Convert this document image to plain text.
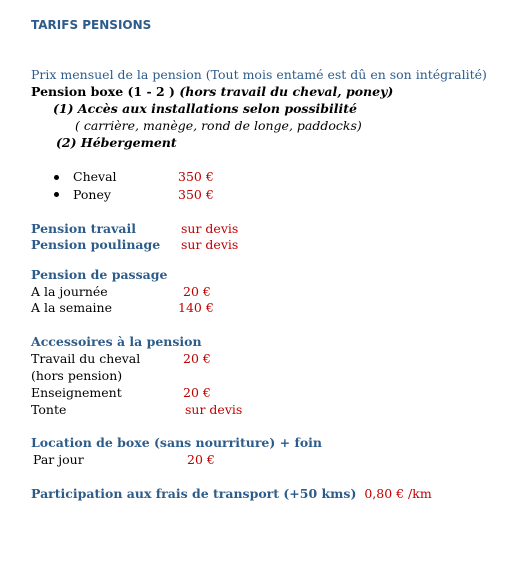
TARIFS PENSIONS
Prix mensuel de la pension (Tout mois entamé est dû en son intégralité)
Pension boxe (1 - 2 ) (hors travail du cheval, poney)
(1) Accès aux installations selon possibilité
( carrière, manège, rond de longe, paddocks)
(2) Hébergement
Cheval	350 €
Poney	350 €
Pension travail	sur devis
Pension poulinage sur devis
Pension de passage
A la journée	20 €
A la semaine	140 €
Accessoires à la pension
Travail du cheval	20 €
(hors pension)
Enseignement	20 €
Tonte	sur devis
Location de boxe (sans nourriture) + foin
Par jour	20 €
Participation aux frais de transport (+50 kms) 0,80 € /km
